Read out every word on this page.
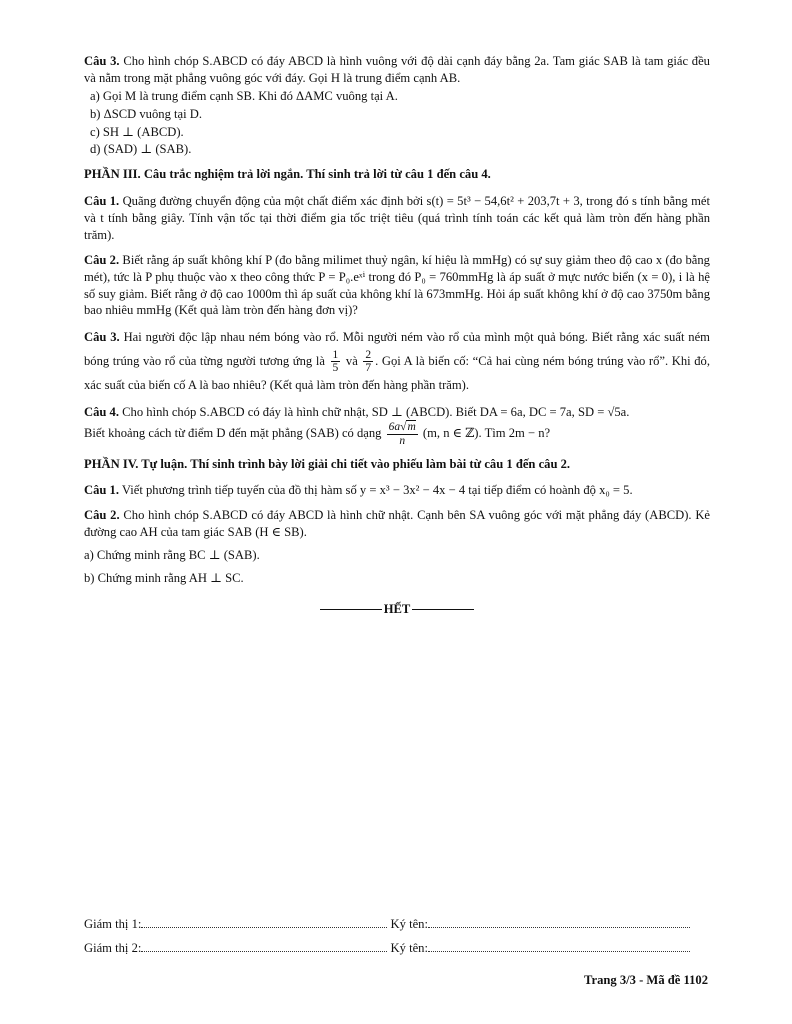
Câu 3. Cho hình chóp S.ABCD có đáy ABCD là hình vuông với độ dài cạnh đáy bằng 2a. Tam giác SAB là tam giác đều và nằm trong mặt phẳng vuông góc với đáy. Gọi H là trung điểm cạnh AB.

a) Gọi M là trung điểm cạnh SB. Khi đó ΔAMC vuông tại A.

b) ΔSCD vuông tại D.

c) SH ⊥ (ABCD).

d) (SAD) ⊥ (SAB).

PHẦN III. Câu trắc nghiệm trả lời ngắn. Thí sinh trả lời từ câu 1 đến câu 4.

Câu 1. Quãng đường chuyển động của một chất điểm xác định bởi s(t) = 5t³ − 54,6t² + 203,7t + 3, trong đó s tính bằng mét và t tính bằng giây. Tính vận tốc tại thời điểm gia tốc triệt tiêu (quá trình tính toán các kết quả làm tròn đến hàng phần trăm).

Câu 2. Biết rằng áp suất không khí P (đo bằng milimet thuỷ ngân, kí hiệu là mmHg) có sự suy giảm theo độ cao x (đo bằng mét), tức là P phụ thuộc vào x theo công thức P = P₀.eˣⁱ trong đó P₀ = 760mmHg là áp suất ở mực nước biển (x = 0), i là hệ số suy giảm. Biết rằng ở độ cao 1000m thì áp suất của không khí là 673mmHg. Hỏi áp suất không khí ở độ cao 3750m bằng bao nhiêu mmHg (Kết quả làm tròn đến hàng đơn vị)?

Câu 3. Hai người độc lập nhau ném bóng vào rổ. Mỗi người ném vào rổ của mình một quả bóng. Biết rằng xác suất ném bóng trúng vào rổ của từng người tương ứng là $\frac{1}{5}$ và $\frac{2}{7}$ . Gọi A là biến cố: “Cả hai cùng ném bóng trúng vào rổ”. Khi đó, xác suất của biến cố A là bao nhiêu? (Kết quả làm tròn đến hàng phần trăm).

Câu 4. Cho hình chóp S.ABCD có đáy là hình chữ nhật, SD ⊥ (ABCD). Biết DA = 6a, DC = 7a, SD = √5a.

Biết khoảng cách từ điểm D đến mặt phẳng (SAB) có dạng $\frac{6a√m}{n} (m$, n ∈ ℤ). Tìm 2m − n?

PHẦN IV. Tự luận. Thí sinh trình bày lời giải chi tiết vào phiếu làm bài từ câu 1 đến câu 2.

Câu 1. Viết phương trình tiếp tuyến của đồ thị hàm số y = x³ − 3x² − 4x − 4 tại tiếp điểm có hoành độ x₀ = 5.

Câu 2. Cho hình chóp S.ABCD có đáy ABCD là hình chữ nhật. Cạnh bên SA vuông góc với mặt phẳng đáy (ABCD). Kẻ đường cao AH của tam giác SAB (H ∈ SB).

a) Chứng minh rằng BC ⊥ (SAB).

b) Chứng minh rằng AH ⊥ SC.

HẾT
Giám thị 1:	Ký tên:
Giám thị 2:	Ký tên:
Trang 3/3 - Mã đề 1102
